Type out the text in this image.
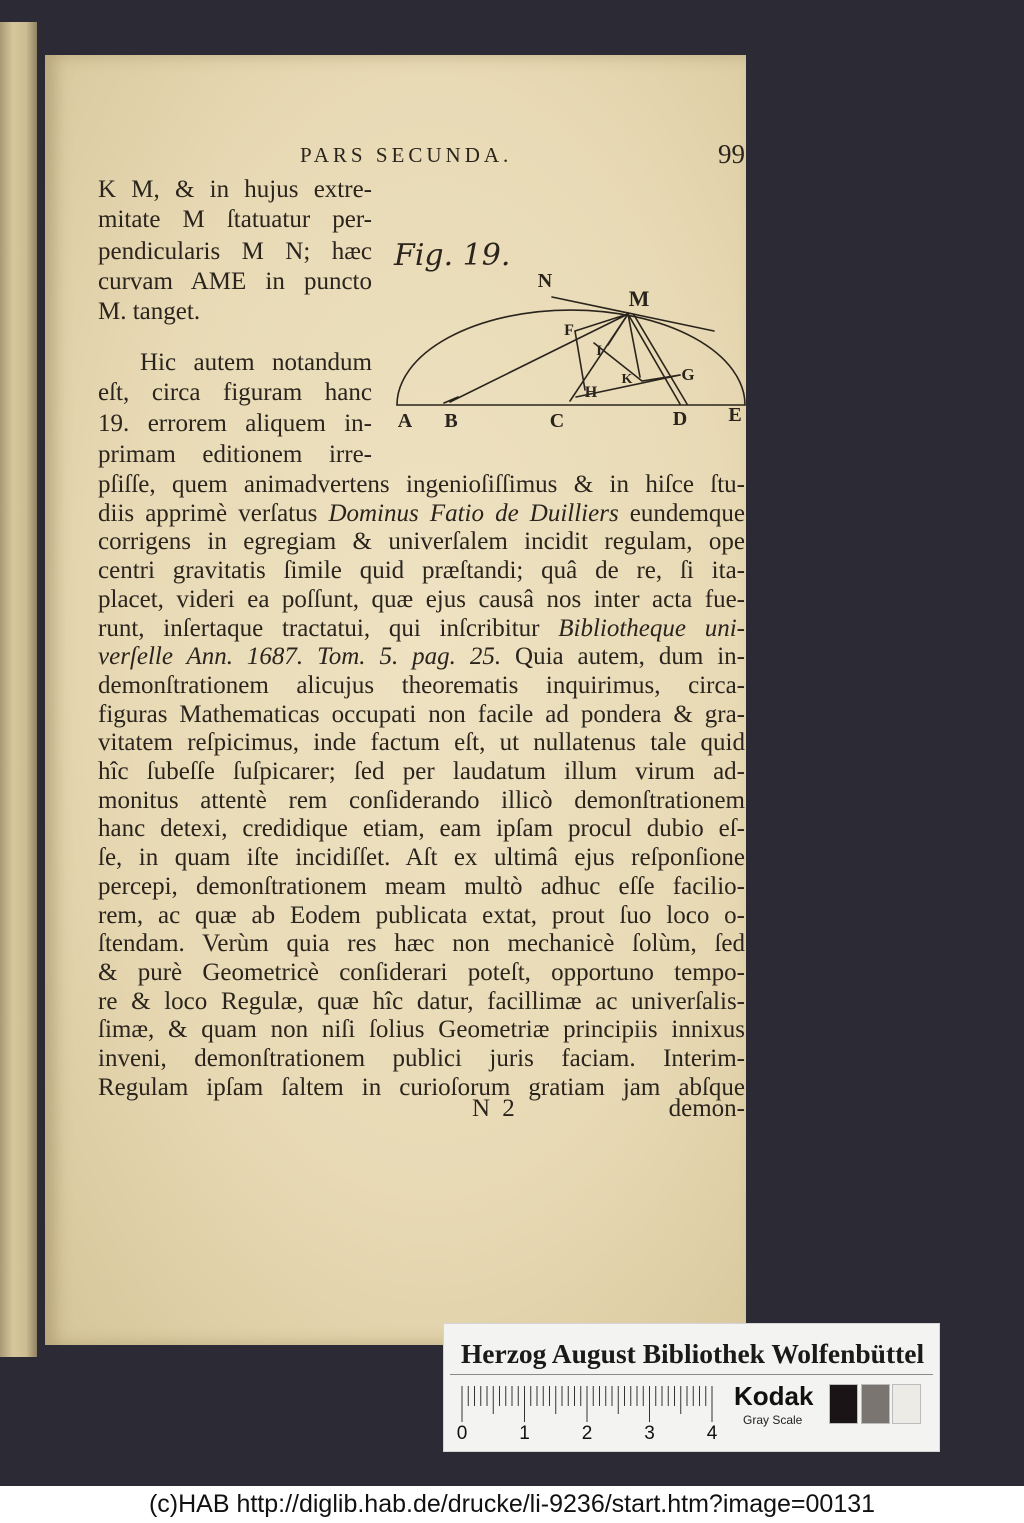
PARS SECUNDA.	99
K M, & in hujus extre-
mitate M ſtatuatur per-
pendicularis M N; hæc
curvam AME in puncto
M. tanget.
Hic autem notandum
eſt, circa figuram hanc
19. errorem aliquem in-
primam editionem irre-
Fig. 19.
N
M
F
I
K	G
H
A B	C	D E
pſiſſe, quem animadvertens ingenioſiſſimus & in hiſce ſtu-
diis apprimè verſatus Dominus Fatio de Duilliers eundemque
corrigens in egregiam & univerſalem incidit regulam, ope
centri gravitatis ſimile quid præſtandi; quâ de re, ſi ita-
placet, videri ea poſſunt, quæ ejus causâ nos inter acta fue-
runt, inſertaque tractatui, qui inſcribitur Bibliotheque uni-
verſelle Ann. 1687. Tom. 5. pag. 25. Quia autem, dum in-
demonſtrationem alicujus theorematis inquirimus, circa-
figuras Mathematicas occupati non facile ad pondera & gra-
vitatem reſpicimus, inde factum eſt, ut nullatenus tale quid
hîc ſubeſſe ſuſpicarer; ſed per laudatum illum virum ad-
monitus attentè rem conſiderando illicò demonſtrationem
hanc detexi, credidique etiam, eam ipſam procul dubio eſ-
ſe, in quam iſte incidiſſet. Aſt ex ultimâ ejus reſponſione
percepi, demonſtrationem meam multò adhuc eſſe facilio-
rem, ac quæ ab Eodem publicata extat, prout ſuo loco o-
ſtendam. Verùm quia res hæc non mechanicè ſolùm, ſed
& purè Geometricè conſiderari poteſt, opportuno tempo-
re & loco Regulæ, quæ hîc datur, facillimæ ac univerſalis-
ſimæ, & quam non niſi ſolius Geometriæ principiis innixus
inveni, demonſtrationem publici juris faciam. Interim-
Regulam ipſam ſaltem in curioſorum gratiam jam abſque
N 2	demon-
Herzog August Bibliothek Wolfenbüttel
0	1	2	3	4
Kodak
Gray Scale
(c)HAB http://diglib.hab.de/drucke/li-9236/start.htm?image=00131
